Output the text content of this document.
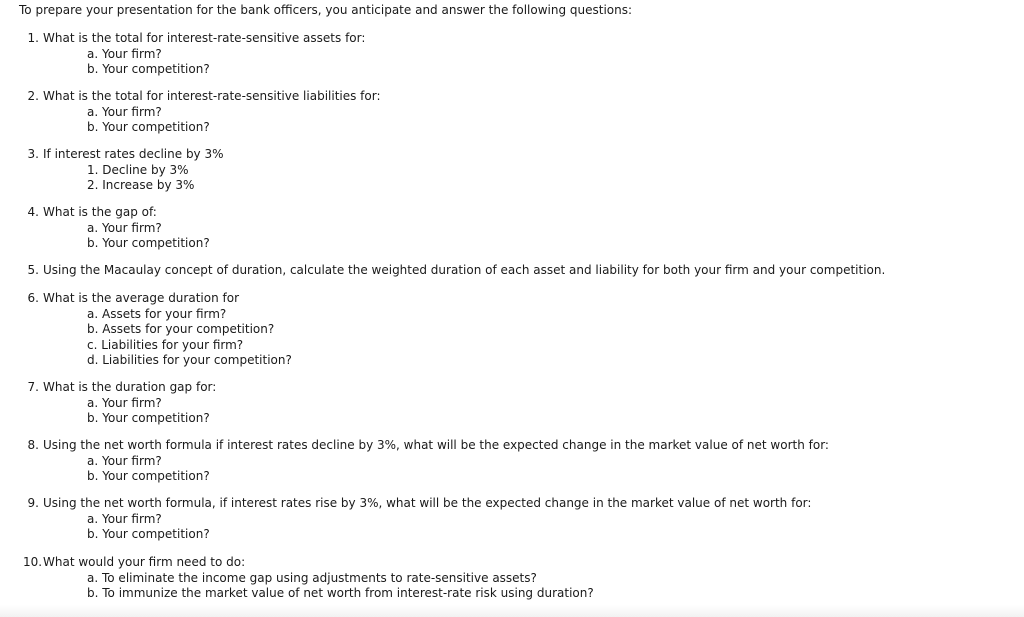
To prepare your presentation for the bank officers, you anticipate and answer the following questions:
1. What is the total for interest-rate-sensitive assets for:
a. Your firm?
b. Your competition?
2. What is the total for interest-rate-sensitive liabilities for:
a. Your firm?
b. Your competition?
3. If interest rates decline by 3%
1. Decline by 3%
2. Increase by 3%
4. What is the gap of:
a. Your firm?
b. Your competition?
5. Using the Macaulay concept of duration, calculate the weighted duration of each asset and liability for both your firm and your competition.
6. What is the average duration for
a. Assets for your firm?
b. Assets for your competition?
c. Liabilities for your firm?
d. Liabilities for your competition?
7. What is the duration gap for:
a. Your firm?
b. Your competition?
8. Using the net worth formula if interest rates decline by 3%, what will be the expected change in the market value of net worth for:
a. Your firm?
b. Your competition?
9. Using the net worth formula, if interest rates rise by 3%, what will be the expected change in the market value of net worth for:
a. Your firm?
b. Your competition?
10. What would your firm need to do:
a. To eliminate the income gap using adjustments to rate-sensitive assets?
b. To immunize the market value of net worth from interest-rate risk using duration?
